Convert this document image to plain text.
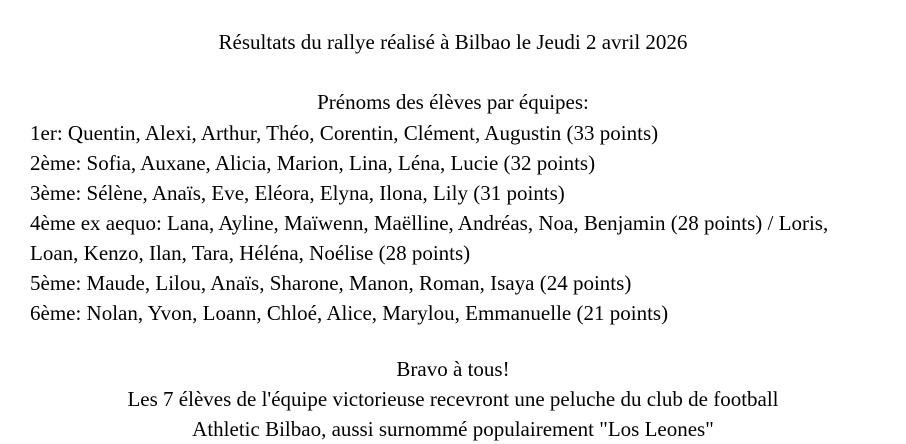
Résultats du rallye réalisé à Bilbao le Jeudi 2 avril 2026
Prénoms des élèves par équipes:
1er: Quentin, Alexi, Arthur, Théo, Corentin, Clément, Augustin (33 points)
2ème: Sofia, Auxane, Alicia, Marion, Lina, Léna, Lucie (32 points)
3ème: Sélène, Anaïs, Eve, Eléora, Elyna, Ilona, Lily (31 points)
4ème ex aequo: Lana, Ayline, Maïwenn, Maëlline, Andréas, Noa, Benjamin (28 points) / Loris, Loan, Kenzo, Ilan, Tara, Héléna, Noélise (28 points)
5ème: Maude, Lilou, Anaïs, Sharone, Manon, Roman, Isaya (24 points)
6ème: Nolan, Yvon, Loann, Chloé, Alice, Marylou, Emmanuelle (21 points)
Bravo à tous!
Les 7 élèves de l'équipe victorieuse recevront une peluche du club de football
Athletic Bilbao, aussi surnommé populairement "Los Leones"
